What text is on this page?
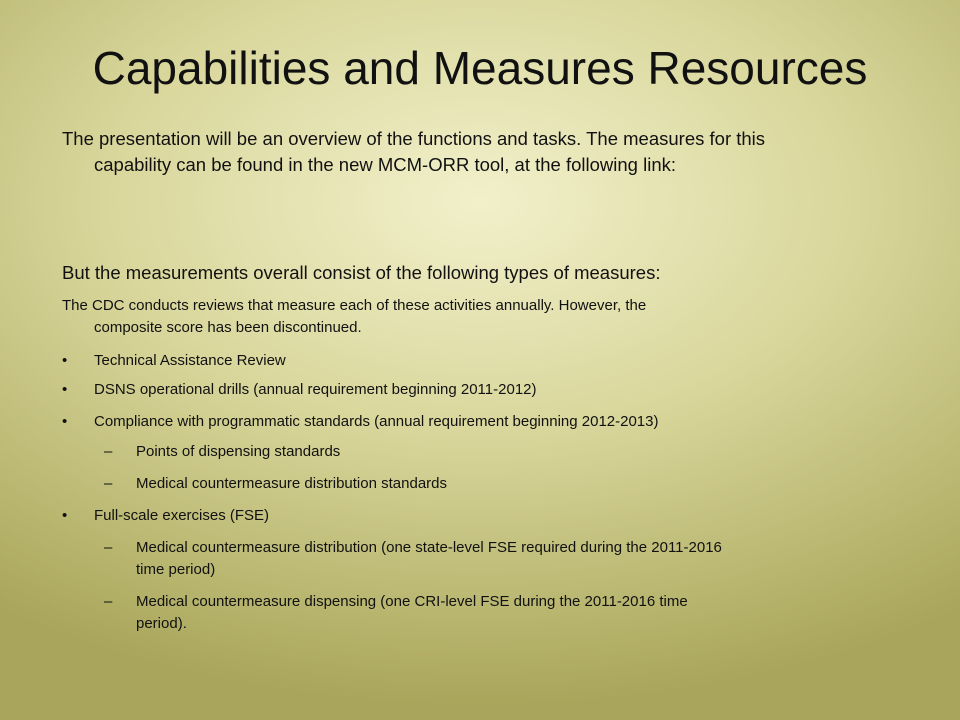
Capabilities and Measures Resources

The presentation will be an overview of the functions and tasks. The measures for this
capability can be found in the new MCM-ORR tool, at the following link:

But the measurements overall consist of the following types of measures:

The CDC conducts reviews that measure each of these activities annually. However, the
composite score has been discontinued.

• Technical Assistance Review
• DSNS operational drills (annual requirement beginning 2011-2012)
• Compliance with programmatic standards (annual requirement beginning 2012-2013)
– Points of dispensing standards
– Medical countermeasure distribution standards
• Full-scale exercises (FSE)
– Medical countermeasure distribution (one state-level FSE required during the 2011-2016
time period)
– Medical countermeasure dispensing (one CRI-level FSE during the 2011-2016 time
period).
